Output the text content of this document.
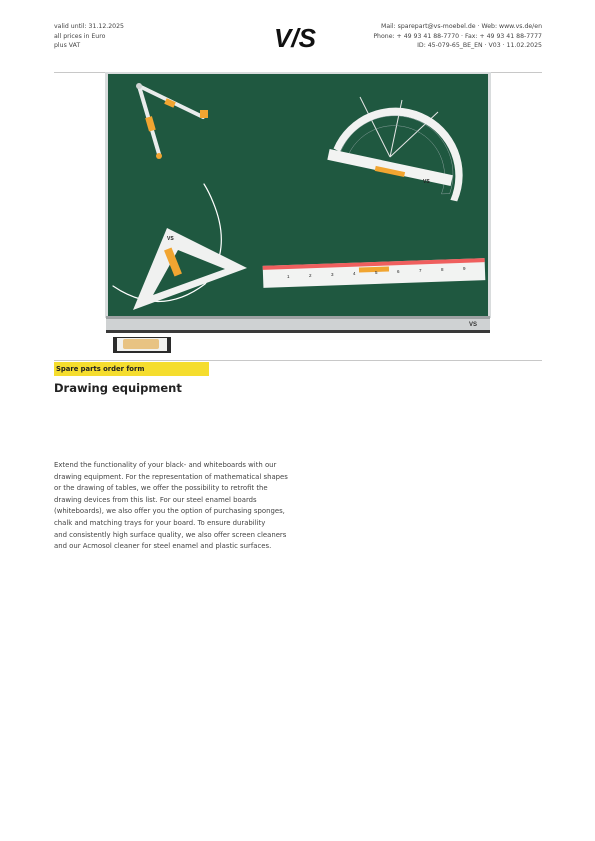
valid until: 31.12.2025
all prices in Euro
plus VAT	V/S	Mail: sparepart@vs-moebel.de · Web: www.vs.de/en
Phone: + 49 93 41 88-7770 · Fax: + 49 93 41 88-7777
ID: 45-079-65_BE_EN · V03 · 11.02.2025
VS
VS
VS
1	2	3	4	5	6	7	8	9
Spare parts order form
Drawing equipment
Extend the functionality of your black- and whiteboards with our
drawing equipment. For the representation of mathematical shapes
or the drawing of tables, we offer the possibility to retrofit the
drawing devices from this list. For our steel enamel boards
(whiteboards), we also offer you the option of purchasing sponges,
chalk and matching trays for your board. To ensure durability
and consistently high surface quality, we also offer screen cleaners
and our Acmosol cleaner for steel enamel and plastic surfaces.
